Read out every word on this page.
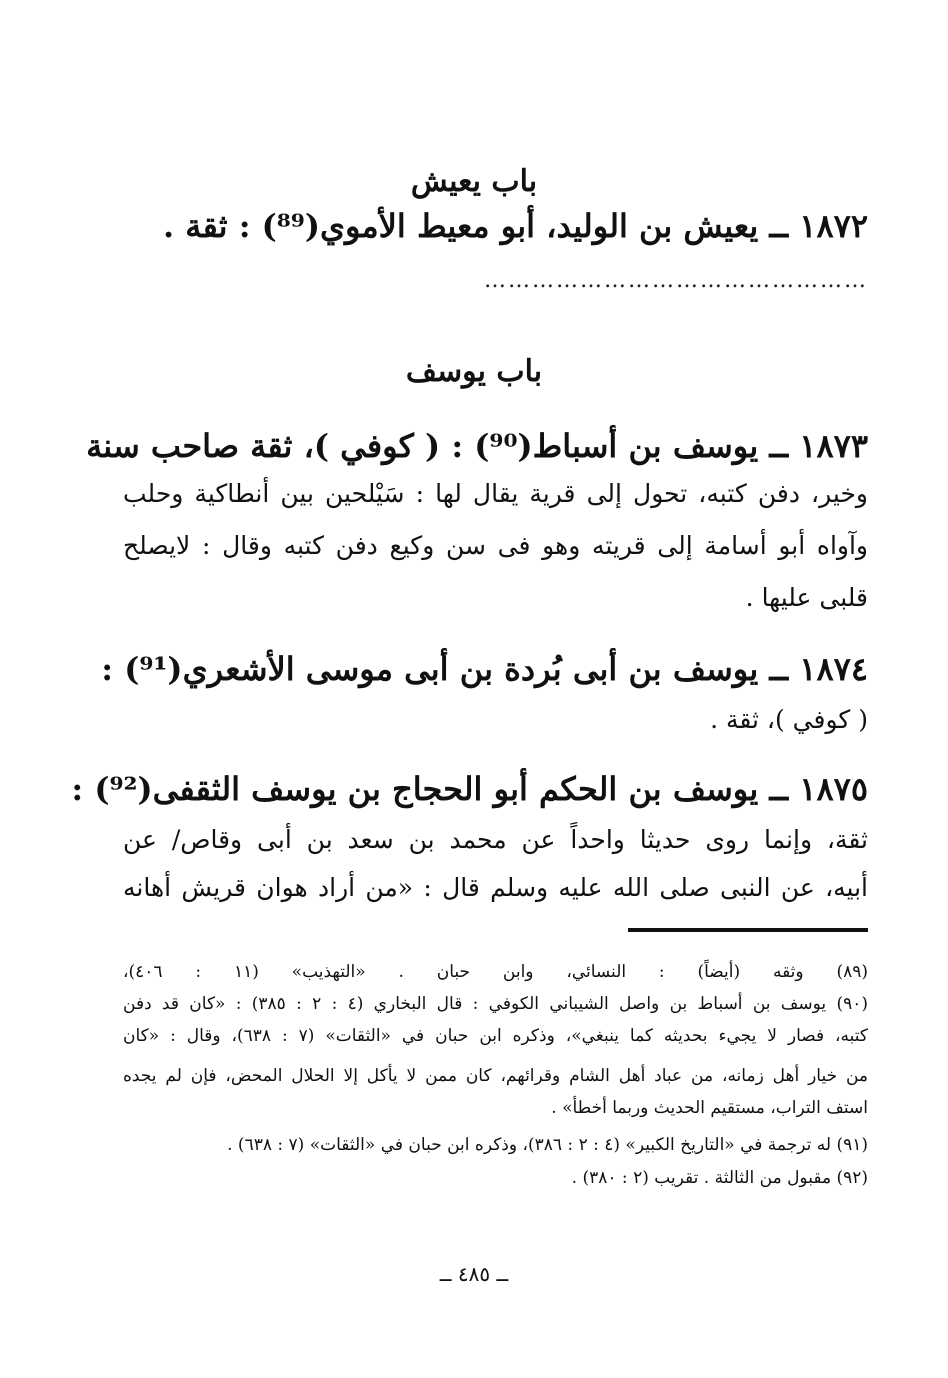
باب يعيش
١٨٧٢ ــ يعيش بن الوليد، أبو معيط الأموي(⁸⁹) : ثقة .
…………………………………………
باب يوسف
١٨٧٣ ــ يوسف بن أسباط(⁹⁰) : ( كوفي )، ثقة صاحب سنة
وخير، دفن كتبه، تحول إلى قرية يقال لها : سَيْلحين بين أنطاكية وحلب
وآواه أبو أسامة إلى قريته وهو فى سن وكيع دفن كتبه وقال : لايصلح
قلبى عليها .
١٨٧٤ ــ يوسف بن أبى بُردة بن أبى موسى الأشعري(⁹¹) :
( كوفي )، ثقة .
١٨٧٥ ــ يوسف بن الحكم أبو الحجاج بن يوسف الثقفى(⁹²) :
ثقة، وإنما روى حديثا واحداً عن محمد بن سعد بن أبى وقاص/ عن
أبيه، عن النبى صلى الله عليه وسلم قال : «من أراد هوان قريش أهانه
(٨٩) وثقه (أيضاً) : النسائي، وابن حبان . «التهذيب» (١١ : ٤٠٦)،
(٩٠) يوسف بن أسباط بن واصل الشيباني الكوفي : قال البخاري (٤ : ٢ : ٣٨٥) : «كان قد دفن
كتبه، فصار لا يجيء بحديثه كما ينبغي»، وذكره ابن حبان في «الثقات» (٧ : ٦٣٨)، وقال : «كان
من خيار أهل زمانه، من عباد أهل الشام وقرائهم، كان ممن لا يأكل إلا الحلال المحض، فإن لم يجده
استف التراب، مستقيم الحديث وربما أخطأ» .
(٩١) له ترجمة في «التاريخ الكبير» (٤ : ٢ : ٣٨٦)، وذكره ابن حبان في «الثقات» (٧ : ٦٣٨) .
(٩٢) مقبول من الثالثة . تقريب (٢ : ٣٨٠) .
ــ ٤٨٥ ــ
